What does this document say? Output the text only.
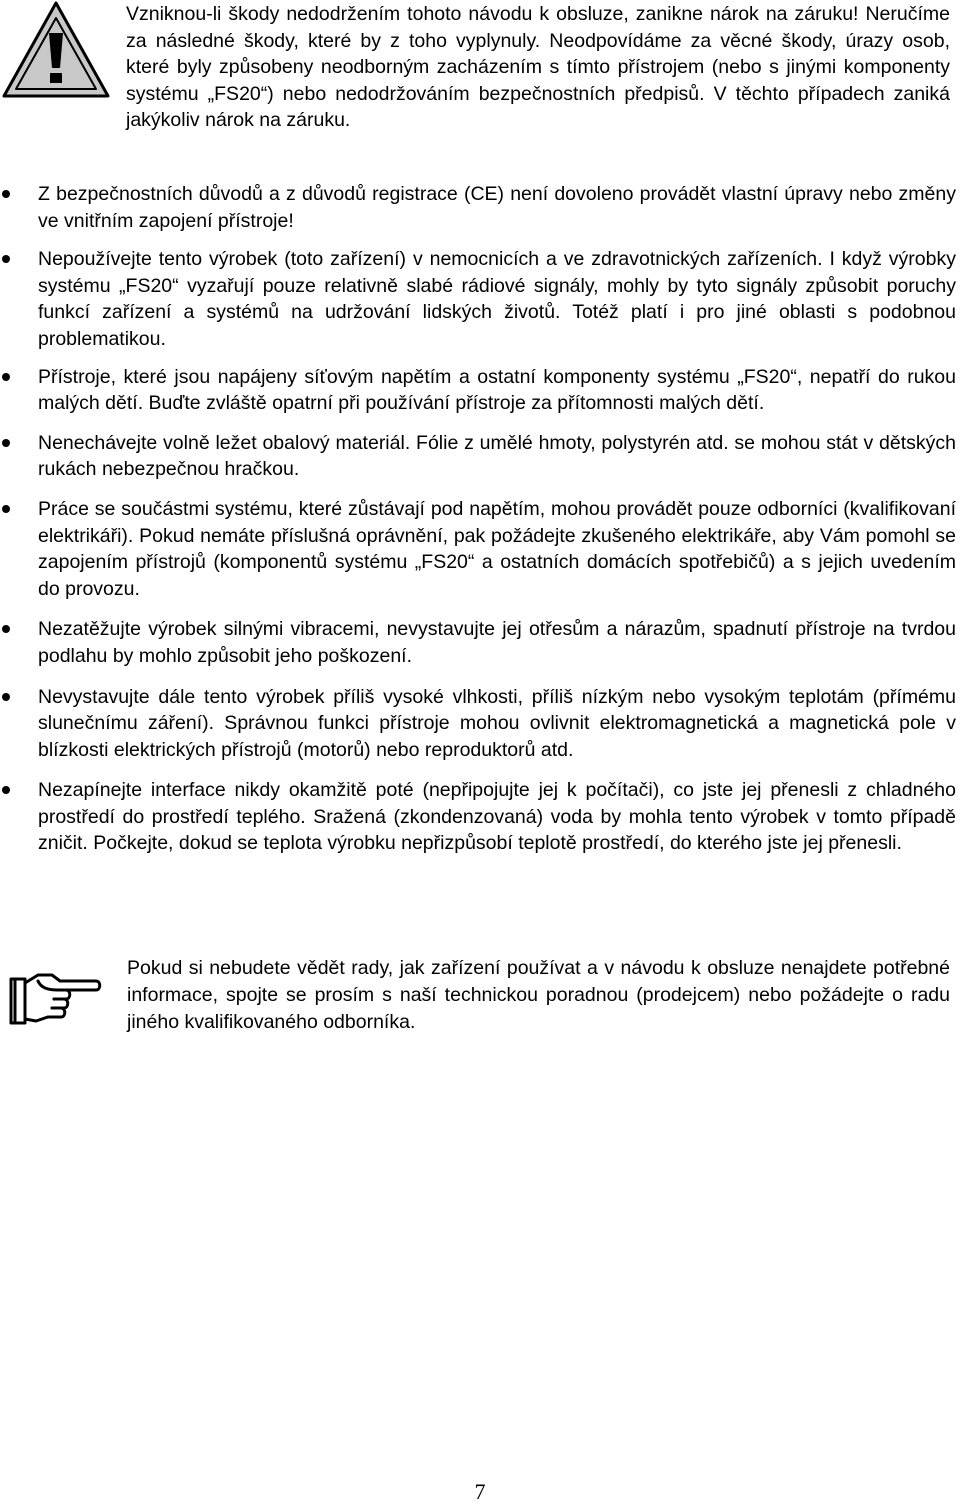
Vzniknou-li škody nedodržením tohoto návodu k obsluze, zanikne nárok na záruku! Neručíme za následné škody, které by z toho vyplynuly. Neodpovídáme za věcné škody, úrazy osob, které byly způsobeny neodborným zacházením s tímto přístrojem (nebo s jinými komponenty systému „FS20“) nebo nedodržováním bezpečnostních předpisů. V těchto případech zaniká jakýkoliv nárok na záruku.
Z bezpečnostních důvodů a z důvodů registrace (CE) není dovoleno provádět vlastní úpravy nebo změny ve vnitřním zapojení přístroje!
Nepoužívejte tento výrobek (toto zařízení) v nemocnicích a ve zdravotnických zařízeních. I když výrobky systému „FS20“ vyzařují pouze relativně slabé rádiové signály, mohly by tyto signály způsobit poruchy funkcí zařízení a systémů na udržování lidských životů. Totéž platí i pro jiné oblasti s podobnou problematikou.
Přístroje, které jsou napájeny síťovým napětím a ostatní komponenty systému „FS20“, nepatří do rukou malých dětí. Buďte zvláště opatrní při používání přístroje za přítomnosti malých dětí.
Nenechávejte volně ležet obalový materiál. Fólie z umělé hmoty, polystyrén atd. se mohou stát v dětských rukách nebezpečnou hračkou.
Práce se součástmi systému, které zůstávají pod napětím, mohou provádět pouze odborníci (kvalifikovaní elektrikáři). Pokud nemáte příslušná oprávnění, pak požádejte zkušeného elektrikáře, aby Vám pomohl se zapojením přístrojů (komponentů systému „FS20“ a ostatních domácích spotřebičů) a s jejich uvedením do provozu.
Nezatěžujte výrobek silnými vibracemi, nevystavujte jej otřesům a nárazům, spadnutí přístroje na tvrdou podlahu by mohlo způsobit jeho poškození.
Nevystavujte dále tento výrobek příliš vysoké vlhkosti, příliš nízkým nebo vysokým teplotám (přímému slunečnímu záření). Správnou funkci přístroje mohou ovlivnit elektromagnetická a magnetická pole v blízkosti elektrických přístrojů (motorů) nebo reproduktorů atd.
Nezapínejte interface nikdy okamžitě poté (nepřipojujte jej k počítači), co jste jej přenesli z chladného prostředí do prostředí teplého. Sražená (zkondenzovaná) voda by mohla tento výrobek v tomto případě zničit. Počkejte, dokud se teplota výrobku nepřizpůsobí teplotě prostředí, do kterého jste jej přenesli.
Pokud si nebudete vědět rady, jak zařízení používat a v návodu k obsluze nenajdete potřebné informace, spojte se prosím s naší technickou poradnou (prodejcem) nebo požádejte o radu jiného kvalifikovaného odborníka.
7
